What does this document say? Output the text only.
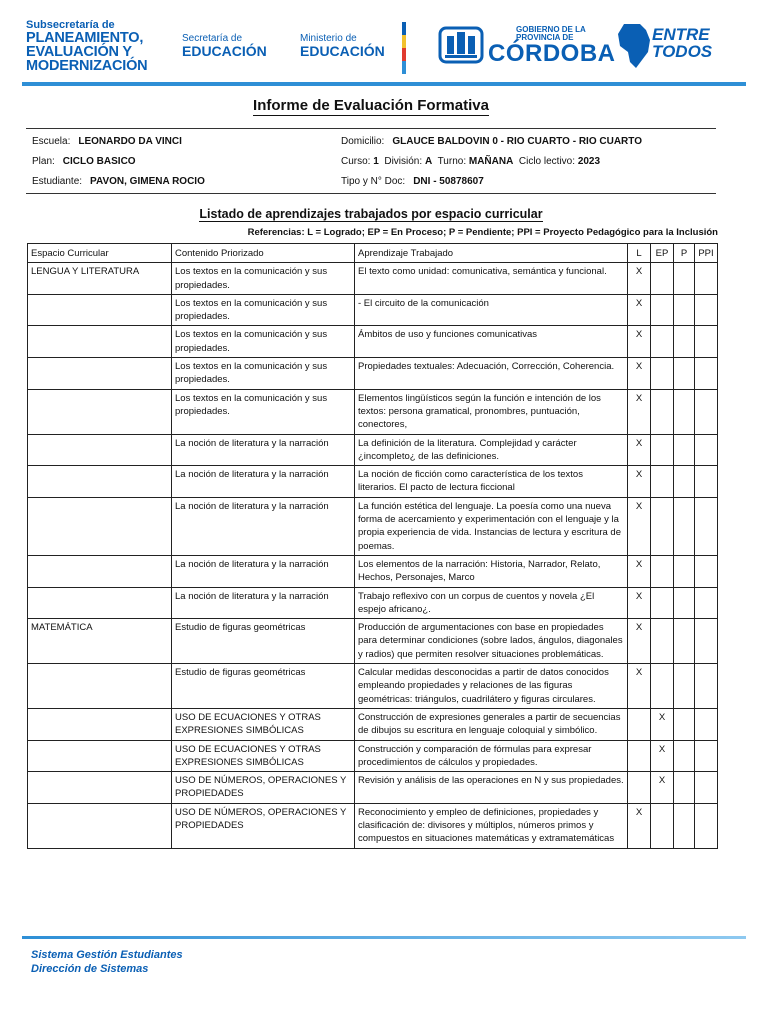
Subsecretaría de
PLANEAMIENTO,
EVALUACIÓN Y
MODERNIZACIÓN
Secretaría de
EDUCACIÓN
Ministerio de
EDUCACIÓN
GOBIERNO DE LA
PROVINCIA DE
CÓRDOBA
ENTRE
TODOS
Informe de Evaluación Formativa
Escuela: LEONARDO DA VINCI
Plan: CICLO BASICO
Estudiante: PAVON, GIMENA ROCIO
Domicilio: GLAUCE BALDOVIN 0 - RIO CUARTO - RIO CUARTO
Curso: 1 División: A Turno: MAÑANA Ciclo lectivo: 2023
Tipo y N° Doc: DNI - 50878607
Listado de aprendizajes trabajados por espacio curricular
Referencias: L = Logrado; EP = En Proceso; P = Pendiente; PPI = Proyecto Pedagógico para la Inclusión
Espacio Curricular	Contenido Priorizado	Aprendizaje Trabajado	L	EP	P	PPI
LENGUA Y LITERATURA	Los textos en la comunicación y sus propiedades.	El texto como unidad: comunicativa, semántica y funcional.	X			
	Los textos en la comunicación y sus propiedades.	- El circuito de la comunicación	X			
	Los textos en la comunicación y sus propiedades.	Ámbitos de uso y funciones comunicativas	X			
	Los textos en la comunicación y sus propiedades.	Propiedades textuales: Adecuación, Corrección, Coherencia.	X			
	Los textos en la comunicación y sus propiedades.	Elementos lingüísticos según la función e intención de los textos: persona gramatical, pronombres, puntuación, conectores,	X			
	La noción de literatura y la narración	La definición de la literatura. Complejidad y carácter ¿incompleto¿ de las definiciones.	X			
	La noción de literatura y la narración	La noción de ficción como característica de los textos literarios. El pacto de lectura ficcional	X			
	La noción de literatura y la narración	La función estética del lenguaje. La poesía como una nueva forma de acercamiento y experimentación con el lenguaje y la propia experiencia de vida. Instancias de lectura y escritura de poemas.	X			
	La noción de literatura y la narración	Los elementos de la narración: Historia, Narrador, Relato, Hechos, Personajes, Marco	X			
	La noción de literatura y la narración	Trabajo reflexivo con un corpus de cuentos y novela ¿El espejo africano¿.	X			
MATEMÁTICA	Estudio de figuras geométricas	Producción de argumentaciones con base en propiedades para determinar condiciones (sobre lados, ángulos, diagonales y radios) que permiten resolver situaciones problemáticas.	X			
	Estudio de figuras geométricas	Calcular medidas desconocidas a partir de datos conocidos empleando propiedades y relaciones de las figuras geométricas: triángulos, cuadrilátero y figuras circulares.	X			
	USO DE ECUACIONES Y OTRAS EXPRESIONES SIMBÓLICAS	Construcción de expresiones generales a partir de secuencias de dibujos su escritura en lenguaje coloquial y simbólico.		X		
	USO DE ECUACIONES Y OTRAS EXPRESIONES SIMBÓLICAS	Construcción y comparación de fórmulas para expresar procedimientos de cálculos y propiedades.		X		
	USO DE NÚMEROS, OPERACIONES Y PROPIEDADES	Revisión y análisis de las operaciones en N y sus propiedades.		X		
	USO DE NÚMEROS, OPERACIONES Y PROPIEDADES	Reconocimiento y empleo de definiciones, propiedades y clasificación de: divisores y múltiplos, números primos y compuestos en situaciones matemáticas y extramatemáticas	X			
Sistema Gestión Estudiantes
Dirección de Sistemas
